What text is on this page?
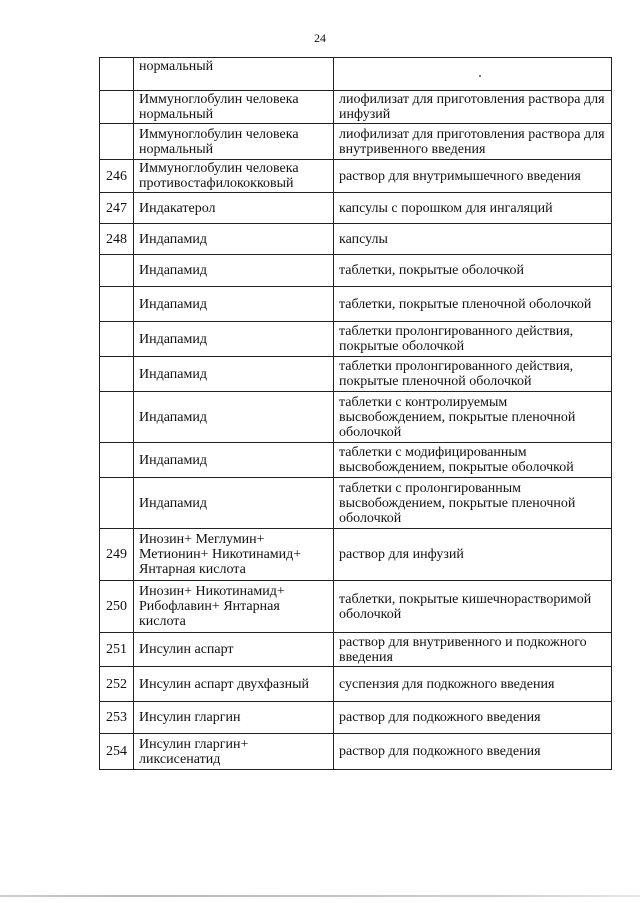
24
	нормальный	
	Иммуноглобулин человека нормальный	лиофилизат для приготовления раствора для инфузий
	Иммуноглобулин человека нормальный	лиофилизат для приготовления раствора для внутривенного введения
246	Иммуноглобулин человека противостафилококковый	раствор для внутримышечного введения
247	Индакатерол	капсулы с порошком для ингаляций
248	Индапамид	капсулы
	Индапамид	таблетки, покрытые оболочкой
	Индапамид	таблетки, покрытые пленочной оболочкой
	Индапамид	таблетки пролонгированного действия, покрытые оболочкой
	Индапамид	таблетки пролонгированного действия, покрытые пленочной оболочкой
	Индапамид	таблетки с контролируемым высвобождением, покрытые пленочной оболочкой
	Индапамид	таблетки с модифицированным высвобождением, покрытые оболочкой
	Индапамид	таблетки с пролонгированным высвобождением, покрытые пленочной оболочкой
249	Инозин+ Меглумин+ Метионин+ Никотинамид+ Янтарная кислота	раствор для инфузий
250	Инозин+ Никотинамид+ Рибофлавин+ Янтарная кислота	таблетки, покрытые кишечнорастворимой оболочкой
251	Инсулин аспарт	раствор для внутривенного и подкожного введения
252	Инсулин аспарт двухфазный	суспензия для подкожного введения
253	Инсулин гларгин	раствор для подкожного введения
254	Инсулин гларгин+ ликсисенатид	раствор для подкожного введения
